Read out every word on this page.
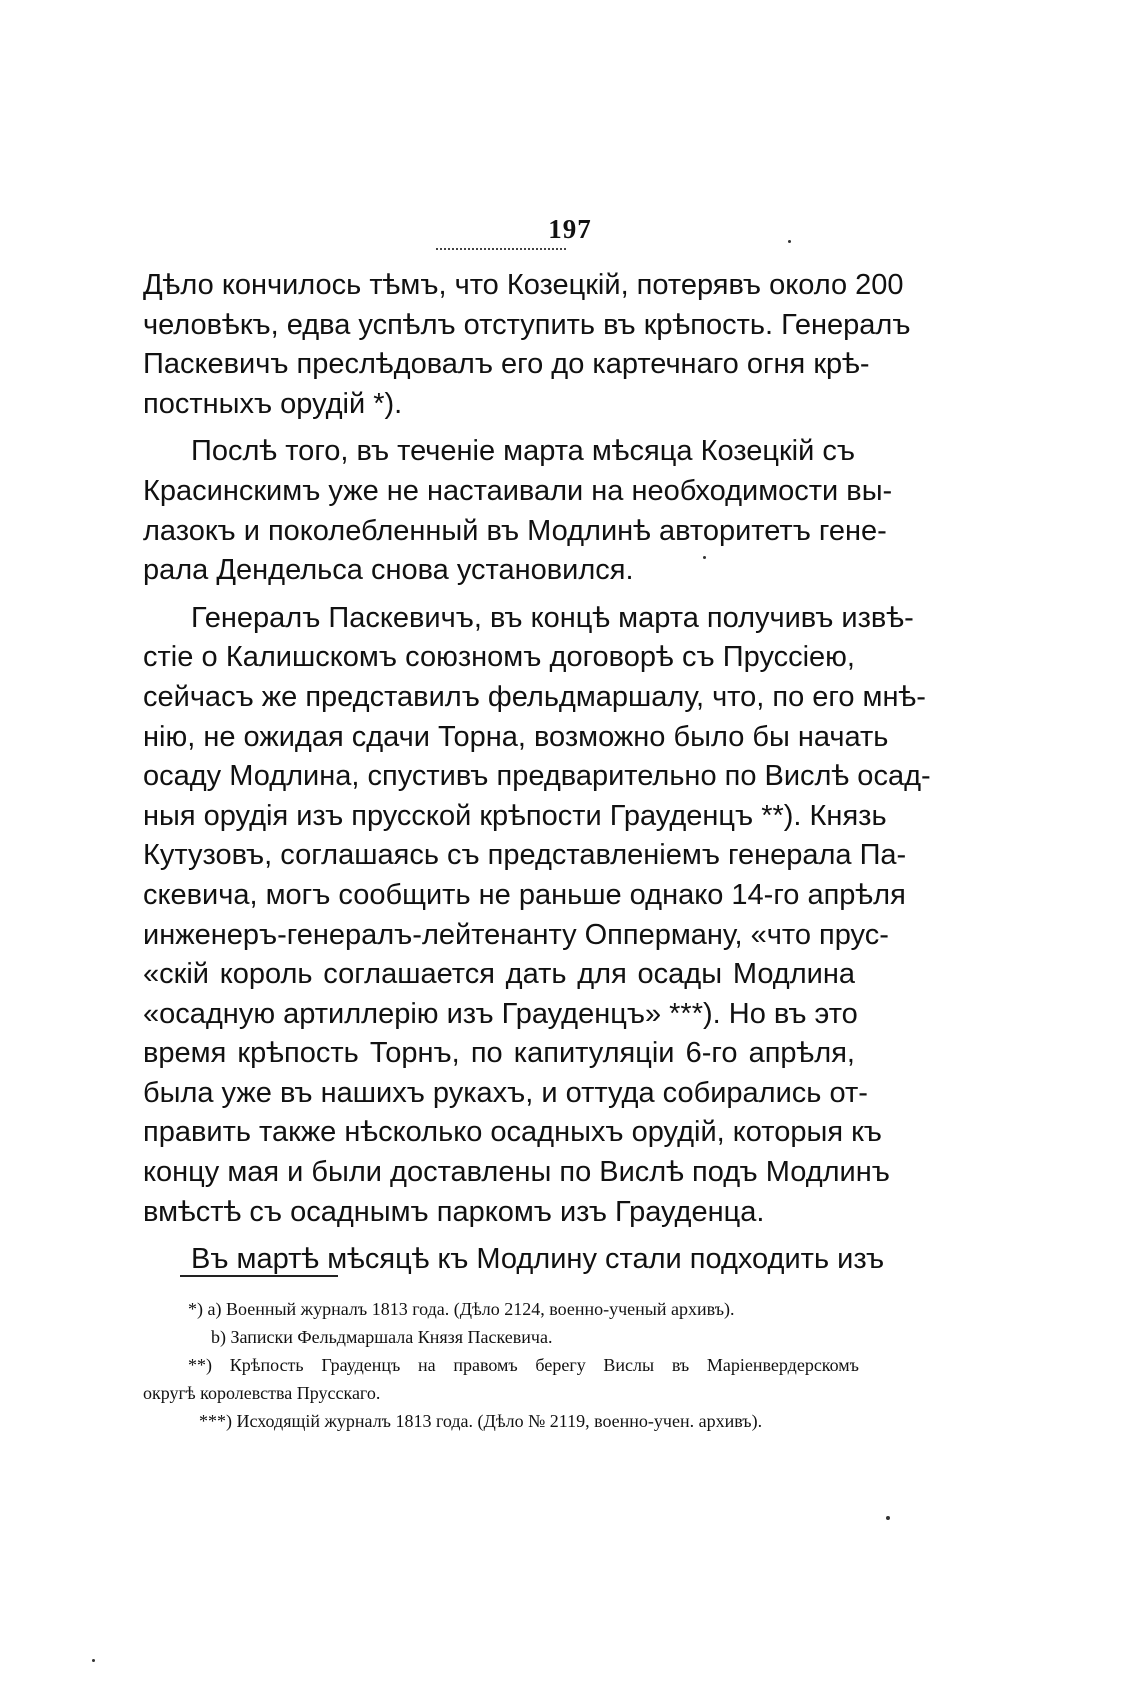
197
Дѣло кончилось тѣмъ, что Козецкій, потерявъ около 200
человѣкъ, едва успѣлъ отступить въ крѣпость. Генералъ
Паскевичъ преслѣдовалъ его до картечнаго огня крѣ-
постныхъ орудій *).
Послѣ того, въ теченіе марта мѣсяца Козецкій съ
Красинскимъ уже не настаивали на необходимости вы-
лазокъ и поколебленный въ Модлинѣ авторитетъ гене-
рала Дендельса снова установился.
Генералъ Паскевичъ, въ концѣ марта получивъ извѣ-
стіе о Калишскомъ союзномъ договорѣ съ Пруссіею,
сейчасъ же представилъ фельдмаршалу, что, по его мнѣ-
нію, не ожидая сдачи Торна, возможно было бы начать
осаду Модлина, спустивъ предварительно по Вислѣ осад-
ныя орудія изъ прусской крѣпости Грауденцъ **). Князь
Кутузовъ, соглашаясь съ представленіемъ генерала Па-
скевича, могъ сообщить не раньше однако 14-го апрѣля
инженеръ-генералъ-лейтенанту Опперману, «что прус-
«скій король соглашается дать для осады Модлина
«осадную артиллерію изъ Грауденцъ» ***). Но въ это
время крѣпость Торнъ, по капитуляціи 6-го апрѣля,
была уже въ нашихъ рукахъ, и оттуда собирались от-
править также нѣсколько осадныхъ орудій, которыя къ
концу мая и были доставлены по Вислѣ подъ Модлинъ
вмѣстѣ съ осаднымъ паркомъ изъ Грауденца.
Въ мартѣ мѣсяцѣ къ Модлину стали подходить изъ
*) a) Военный журналъ 1813 года. (Дѣло 2124, военно-ученый архивъ).
b) Записки Фельдмаршала Князя Паскевича.
**) Крѣпость Грауденцъ на правомъ берегу Вислы въ Маріенвердерскомъ
округѣ королевства Прусскаго.
***) Исходящій журналъ 1813 года. (Дѣло № 2119, военно-учен. архивъ).
